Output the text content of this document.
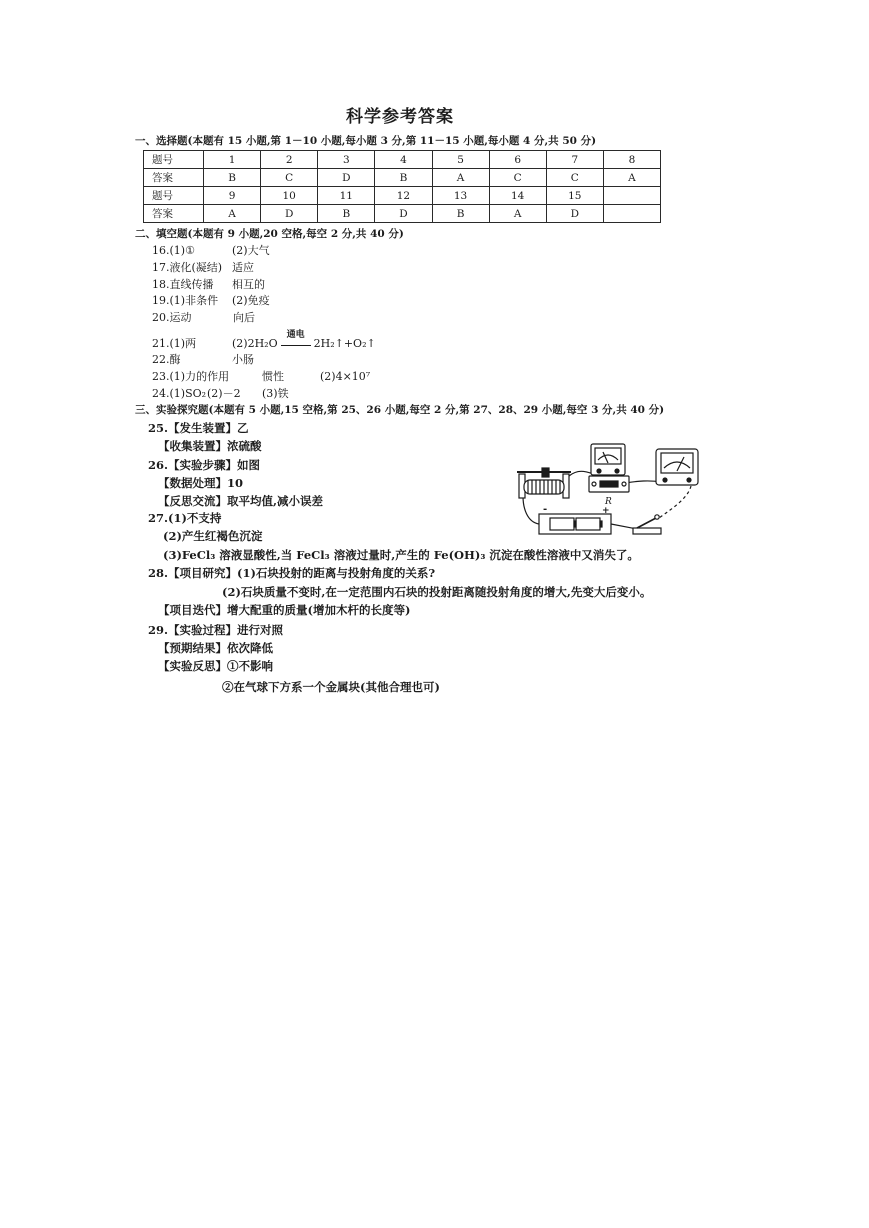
科学参考答案
一、选择题(本题有 15 小题,第 1－10 小题,每小题 3 分,第 11－15 小题,每小题 4 分,共 50 分)
题号	1	2	3	4	5	6	7	8
答案	B	C	D	B	A	C	C	A
题号	9	10	11	12	13	14	15	
答案	A	D	B	D	B	A	D	
二、填空题(本题有 9 小题,20 空格,每空 2 分,共 40 分)
16.(1)①	(2)大气
17.液化(凝结) 适应
18.直线传播 相互的
19.(1)非条件 (2)免疫
20.运动	向后
21.(1)两	(2)2H₂O
通电
2H₂↑+O₂↑
22.酶	小肠
23.(1)力的作用	惯性	(2)4×10⁷
24.(1)SO₂ (2)－2 (3)铁
三、实验探究题(本题有 5 小题,15 空格,第 25、26 小题,每空 2 分,第 27、28、29 小题,每空 3 分,共 40 分)
25.【发生装置】乙
【收集装置】浓硫酸
26.【实验步骤】如图
【数据处理】10
【反思交流】取平均值,减小误差
27.(1)不支持
(2)产生红褐色沉淀
(3)FeCl₃ 溶液显酸性,当 FeCl₃ 溶液过量时,产生的 Fe(OH)₃ 沉淀在酸性溶液中又消失了。
28.【项目研究】(1)石块投射的距离与投射角度的关系?
(2)石块质量不变时,在一定范围内石块的投射距离随投射角度的增大,先变大后变小。
【项目迭代】增大配重的质量(增加木杆的长度等)
29.【实验过程】进行对照
【预期结果】依次降低
【实验反思】①不影响
②在气球下方系一个金属块(其他合理也可)
R
-	+
